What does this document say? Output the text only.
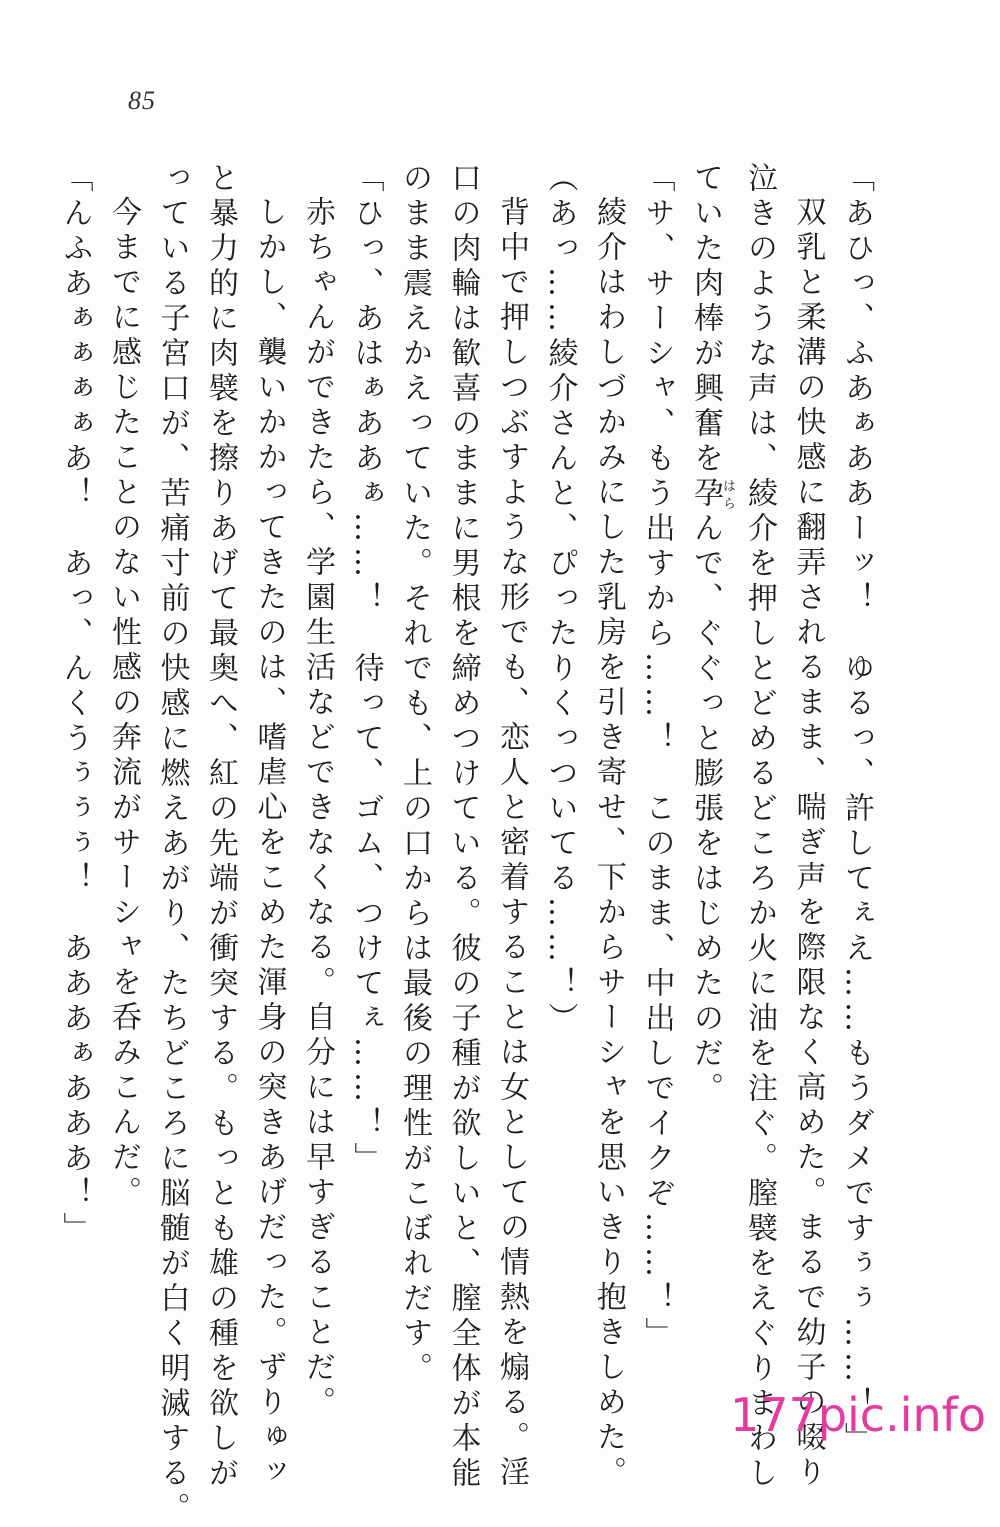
85
「あひっ、ふあぁああーッ！　ゆるっ、許してぇえ……もうダメですぅぅ……！」
双乳と柔溝の快感に翻弄されるまま、喘ぎ声を際限なく高めた。まるで幼子の啜り
泣きのような声は、綾介を押しとどめるどころか火に油を注ぐ。膣襞をえぐりまわし
ていた肉棒が興奮を孕はらんで、ぐぐっと膨張をはじめたのだ。
「サ、サーシャ、もう出すから……！　このまま、中出しでイクぞ……！」
綾介はわしづかみにした乳房を引き寄せ、下からサーシャを思いきり抱きしめた。
（あっ……綾介さんと、ぴったりくっついてる……！）
背中で押しつぶすような形でも、恋人と密着することは女としての情熱を煽る。淫
口の肉輪は歓喜のままに男根を締めつけている。彼の子種が欲しいと、膣全体が本能
のまま震えかえっていた。それでも、上の口からは最後の理性がこぼれだす。
「ひっ、あはぁああぁ……！　待って、ゴム、つけてぇ……！」
赤ちゃんができたら、学園生活などできなくなる。自分には早すぎることだ。
しかし、襲いかかってきたのは、嗜虐心をこめた渾身の突きあげだった。ずりゅッ
と暴力的に肉襞を擦りあげて最奥へ、紅の先端が衝突する。もっとも雄の種を欲しが
っている子宮口が、苦痛寸前の快感に燃えあがり、たちどころに脳髄が白く明滅する。
今までに感じたことのない性感の奔流がサーシャを呑みこんだ。
「んふあぁぁぁぁあ！　あっ、んくうぅぅぅ！　あああぁあああ！」
177pic.info
